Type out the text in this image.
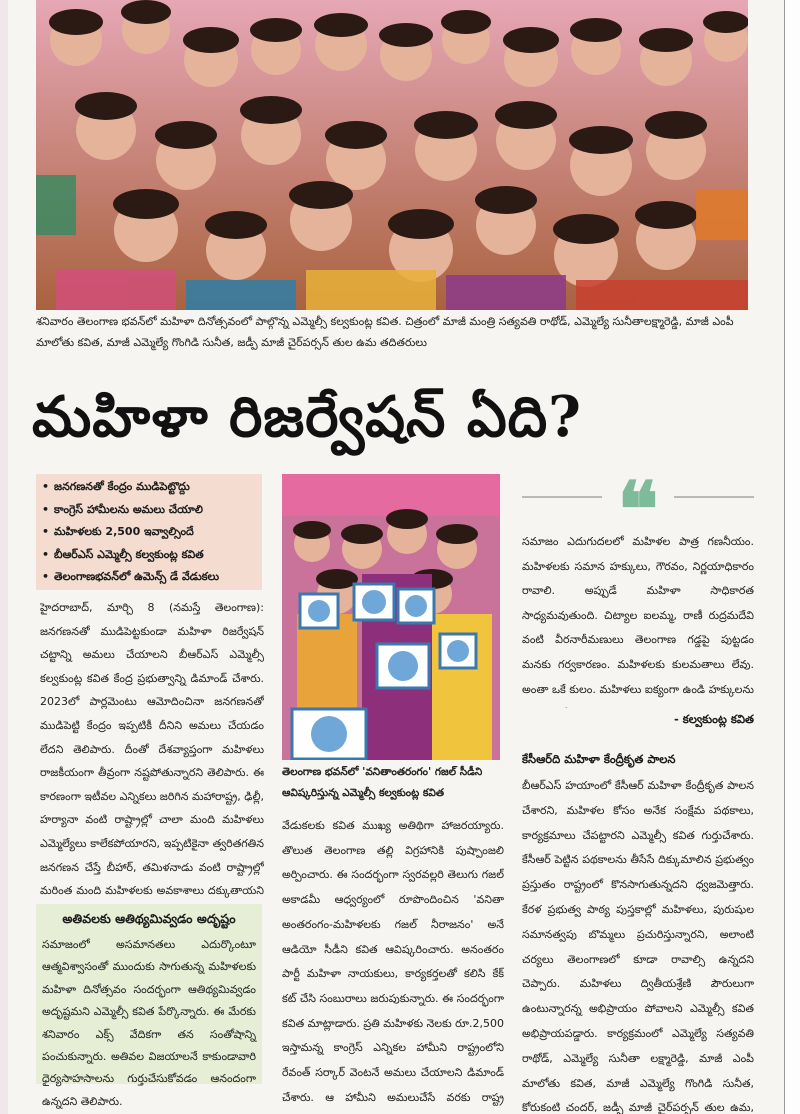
శనివారం తెలంగాణ భవన్‌లో మహిళా దినోత్సవంలో పాల్గొన్న ఎమ్మెల్సీ కల్వకుంట్ల కవిత. చిత్రంలో మాజీ మంత్రి సత్యవతి రాథోడ్, ఎమ్మెల్యే సునీతాలక్ష్మారెడ్డి, మాజీ ఎంపీ మాలోతు కవిత, మాజీ ఎమ్మెల్యే గొంగిడి సునీత, జడ్పీ మాజీ చైర్‌పర్సన్ తుల ఉమ తదితరులు
మహిళా రిజర్వేషన్ ఏది?
• జనగణనతో కేంద్రం ముడిపెట్టొద్దు
• కాంగ్రెస్ హామీలను అమలు చేయాలి
• మహిళలకు 2,500 ఇవ్వాల్సిందే
• బీఆర్‌ఎస్ ఎమ్మెల్సీ కల్వకుంట్ల కవిత
• తెలంగాణభవన్‌లో ఉమెన్స్ డే వేడుకలు
హైదరాబాద్, మార్చి 8 (నమస్తే తెలంగాణ): జనగణనతో ముడిపెట్టకుండా మహిళా రిజర్వేషన్ చట్టాన్ని అమలు చేయాలని బీఆర్‌ఎస్ ఎమ్మెల్సీ కల్వకుంట్ల కవిత కేంద్ర ప్రభుత్వాన్ని డిమాండ్ చేశారు. 2023లో పార్లమెంటు ఆమోదించినా జనగణనతో ముడిపెట్టి కేంద్రం ఇప్పటికీ దీనిని అమలు చేయడం లేదని తెలిపారు. దీంతో దేశవ్యాప్తంగా మహిళలు రాజకీయంగా తీవ్రంగా నష్టపోతున్నారని తెలిపారు. ఈ కారణంగా ఇటీవల ఎన్నికలు జరిగిన మహారాష్ట్ర, ఢిల్లీ, హర్యానా వంటి రాష్ట్రాల్లో చాలా మంది మహిళలు ఎమ్మెల్యేలు కాలేకపోయారని, ఇప్పటికైనా త్వరితగతిన జనగణన చేస్తే బీహార్, తమిళనాడు వంటి రాష్ట్రాల్లో మరింత మంది మహిళలకు అవకాశాలు దక్కుతాయని
అతివలకు ఆతిథ్యమివ్వడం అదృష్టం
సమాజంలో అసమానతలు ఎదుర్కొంటూ ఆత్మవిశ్వాసంతో ముందుకు సాగుతున్న మహిళలకు మహిళా దినోత్సవం సందర్భంగా ఆతిథ్యమివ్వడం అదృష్టమని ఎమ్మెల్సీ కవిత పేర్కొన్నారు. ఈ మేరకు శనివారం ఎక్స్ వేదికగా తన సంతోషాన్ని పంచుకున్నారు. అతివల విజయాలనే కాకుండావారి ధైర్యసాహసాలను గుర్తుచేసుకోవడం ఆనందంగా ఉన్నదని తెలిపారు.
తెలంగాణ భవన్‌లో 'వనితాంతరంగం' గజల్ సీడీని ఆవిష్కరిస్తున్న ఎమ్మెల్సీ కల్వకుంట్ల కవిత
వేడుకలకు కవిత ముఖ్య అతిథిగా హాజరయ్యారు. తొలుత తెలంగాణ తల్లి విగ్రహానికి పుష్పాంజలి అర్పించారు. ఈ సందర్భంగా స్వరవల్లరి తెలుగు గజల్ అకాడమీ ఆధ్వర్యంలో రూపొందించిన 'వనితా అంతరంగం-మహిళలకు గజల్ నీరాజనం' అనే ఆడియో సీడీని కవిత ఆవిష్కరించారు. అనంతరం పార్టీ మహిళా నాయకులు, కార్యకర్తలతో కలిసి కేక్ కట్ చేసి సంబురాలు జరుపుకున్నారు. ఈ సందర్భంగా కవిత మాట్లాడారు. ప్రతి మహిళకు నెలకు రూ.2,500 ఇస్తామన్న కాంగ్రెస్ ఎన్నికల హామీని రాష్ట్రంలోని రేవంత్ సర్కార్ వెంటనే అమలు చేయాలని డిమాండ్ చేశారు. ఆ హామీని అమలుచేసే వరకు రాష్ట్ర
❝
సమాజం ఎదుగుదలలో మహిళల పాత్ర గణనీయం. మహిళలకు సమాన హక్కులు, గౌరవం, నిర్ణయాధికారం రావాలి. అప్పుడే మహిళా సాధికారత సాధ్యమవుతుంది. చిట్యాల ఐలమ్మ, రాణీ రుద్రమదేవి వంటి వీరనారీమణులు తెలంగాణ గడ్డపై పుట్టడం మనకు గర్వకారణం. మహిళలకు కులమతాలు లేవు. అంతా ఒకే కులం. మహిళలు ఐక్యంగా ఉండి హక్కులను
- కల్వకుంట్ల కవిత
కేసీఆర్‌ది మహిళా కేంద్రీకృత పాలన
బీఆర్‌ఎస్ హయాంలో కేసీఆర్ మహిళా కేంద్రీకృత పాలన చేశారని, మహిళల కోసం అనేక సంక్షేమ పథకాలు, కార్యక్రమాలు చేపట్టారని ఎమ్మెల్సీ కవిత గుర్తుచేశారు. కేసీఆర్ పెట్టిన పథకాలను తీసేసే దిక్కుమాలిన ప్రభుత్వం ప్రస్తుతం రాష్ట్రంలో కొనసాగుతున్నదని ధ్వజమెత్తారు. కేరళ ప్రభుత్వ పాఠ్య పుస్తకాల్లో మహిళలు, పురుషుల సమానత్వపు బొమ్మలు ప్రచురిస్తున్నారని, అలాంటి చర్యలు తెలంగాణలో కూడా రావాల్సి ఉన్నదని చెప్పారు. మహిళలు ద్వితీయశ్రేణి పౌరులుగా ఉంటున్నారన్న అభిప్రాయం పోవాలని ఎమ్మెల్సీ కవిత అభిప్రాయపడ్డారు. కార్యక్రమంలో ఎమ్మెల్యే సత్యవతి రాథోడ్, ఎమ్మెల్యే సునీతా లక్ష్మారెడ్డి, మాజీ ఎంపీ మాలోతు కవిత, మాజీ ఎమ్మెల్యే గొంగిడి సునీత, కోరుకంటి చందర్, జడ్పీ మాజీ చైర్‌పర్సన్ తుల ఉమ,
